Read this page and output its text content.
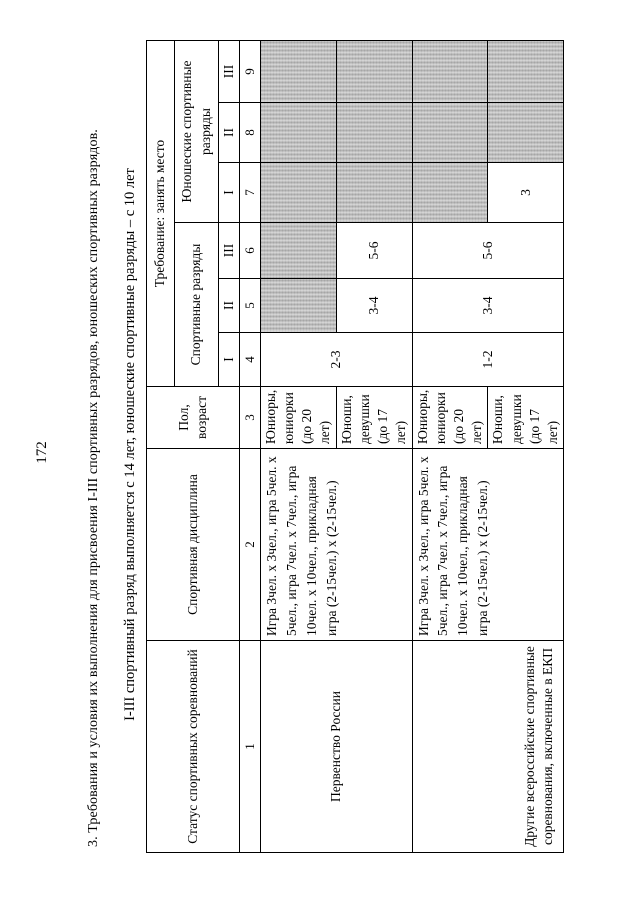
172	3. Требования и условия их выполнения для присвоения I-III спортивных разрядов, юношеских спортивных разрядов. I-III спортивный разряд выполняется с 14 лет, юношеские спортивные разряды – с 10 лет
Статус спортивных соревнований	Спортивная дисциплина	Пол, возраст	Требование: занять место					
			Спортивные разряды			Юношеские спортивные разряды		
			I	II	III	I	II	III
1	2	3	4	5	6	7	8	9
Первенство России	Игра 3чел. х 3чел., игра 5чел. х 5чел., игра 7чел. х 7чел., игра 10чел. х 10чел., прикладная игра (2-15чел.) х (2-15чел.)	Юниоры, юниорки (до 20 лет)	2-3					
		Юноши, девушки (до 17 лет)		3-4	5-6			
Другие всероссийские спортивные соревнования, включенные в ЕКП	Игра 3чел. х 3чел., игра 5чел. х 5чел., игра 7чел. х 7чел., игра 10чел. х 10чел., прикладная игра (2-15чел.) х (2-15чел.)	Юниоры, юниорки (до 20 лет)	1-2	3-4	5-6			
		Юноши, девушки (до 17 лет)				3		
